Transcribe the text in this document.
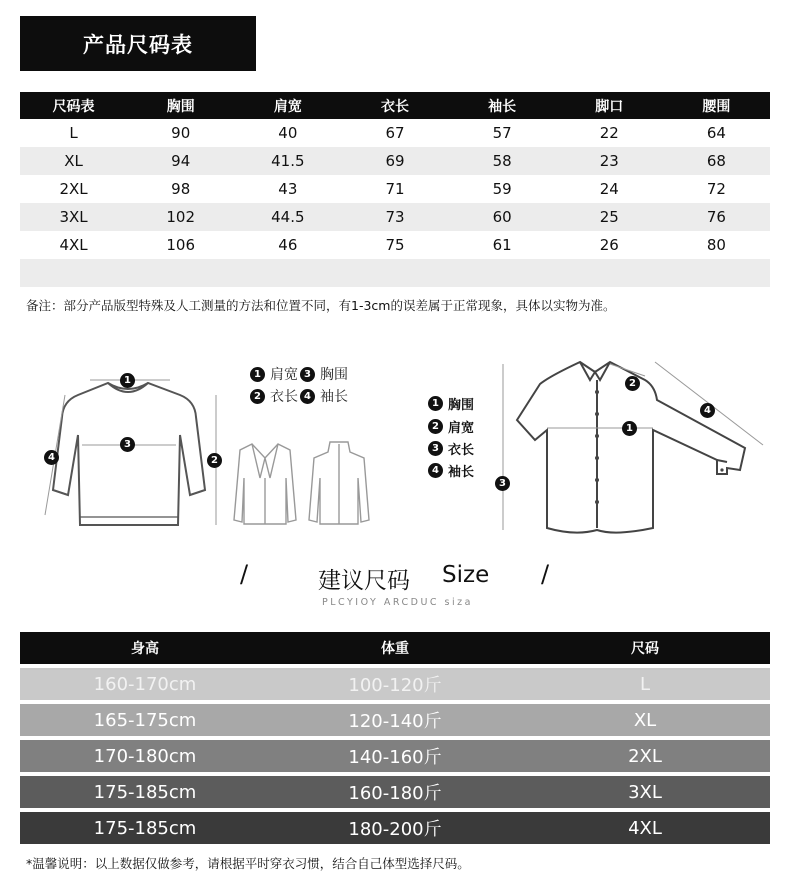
产品尺码表
尺码表	胸围	肩宽	衣长	袖长	脚口	腰围
L	90	40	67	57	22	64
XL	94	41.5	69	58	23	68
2XL	98	43	71	59	24	72
3XL	102	44.5	73	60	25	76
4XL	106	46	75	61	26	80

备注：部分产品版型特殊及人工测量的方法和位置不同，有1-3cm的误差属于正常现象，具体以实物为准。
1
3
4	2
1 肩宽 3 胸围
2 衣长 4 袖长	1 胸围
2 肩宽
3 衣长
4 袖长
2
1
4
3
/	建议尺码 Size /
PLCYIOY ARCDUC siza
身高	体重	尺码
160-170cm	100-120斤	L
165-175cm	120-140斤	XL
170-180cm	140-160斤	2XL
175-185cm	160-180斤	3XL
175-185cm	180-200斤	4XL
*温馨说明：以上数据仅做参考，请根据平时穿衣习惯，结合自己体型选择尺码。
